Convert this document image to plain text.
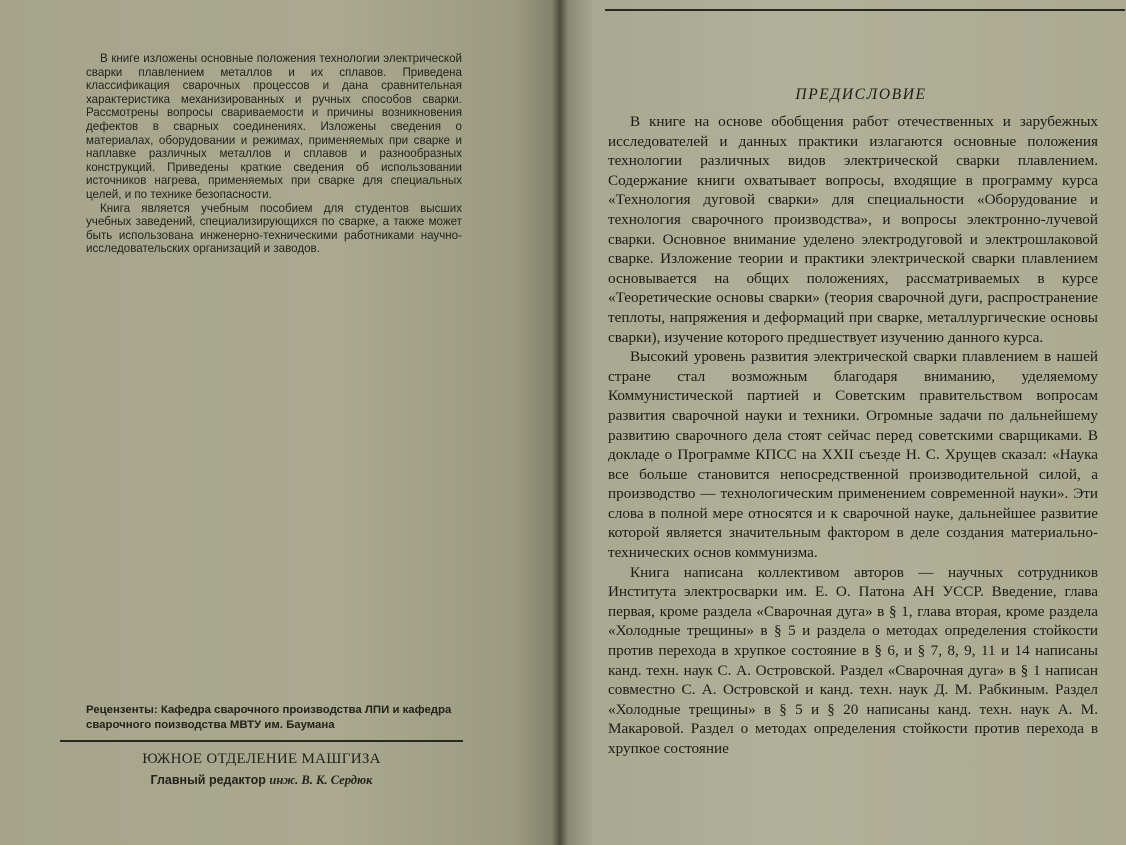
В книге изложены основные положения технологии электрической сварки плавлением металлов и их сплавов. Приведена классификация сварочных процессов и дана сравнительная характеристика механизированных и ручных способов сварки. Рассмотрены вопросы свариваемости и причины возникновения дефектов в сварных соединениях. Изложены сведения о материалах, оборудовании и режимах, применяемых при сварке и наплавке различных металлов и сплавов и разнообразных конструкций. Приведены краткие сведения об использовании источников нагрева, применяемых при сварке для специальных целей, и по технике безопасности.

Книга является учебным пособием для студентов высших учебных заведений, специализирующихся по сварке, а также может быть использована инженерно-техническими работниками научно-исследовательских организаций и заводов.

Рецензенты: Кафедра сварочного производства ЛПИ и кафедра сварочного поизводства МВТУ им. Баумана
ЮЖНОЕ ОТДЕЛЕНИЕ МАШГИЗА
Главный редактор инж. В. К. Сердюк
ПРЕДИСЛОВИЕ

В книге на основе обобщения работ отечественных и зарубежных исследователей и данных практики излагаются основные положения технологии различных видов электрической сварки плавлением. Содержание книги охватывает вопросы, входящие в программу курса «Технология дуговой сварки» для специальности «Оборудование и технология сварочного производства», и вопросы электронно-лучевой сварки. Основное внимание уделено электродуговой и электрошлаковой сварке. Изложение теории и практики электрической сварки плавлением основывается на общих положениях, рассматриваемых в курсе «Теоретические основы сварки» (теория сварочной дуги, распространение теплоты, напряжения и деформаций при сварке, металлургические основы сварки), изучение которого предшествует изучению данного курса.

Высокий уровень развития электрической сварки плавлением в нашей стране стал возможным благодаря вниманию, уделяемому Коммунистической партией и Советским правительством вопросам развития сварочной науки и техники. Огромные задачи по дальнейшему развитию сварочного дела стоят сейчас перед советскими сварщиками. В докладе о Программе КПСС на XXII съезде Н. С. Хрущев сказал: «Наука все больше становится непосредственной производительной силой, а производство — технологическим применением современной науки». Эти слова в полной мере относятся и к сварочной науке, дальнейшее развитие которой является значительным фактором в деле создания материально-технических основ коммунизма.

Книга написана коллективом авторов — научных сотрудников Института электросварки им. Е. О. Патона АН УССР. Введение, глава первая, кроме раздела «Сварочная дуга» в § 1, глава вторая, кроме раздела «Холодные трещины» в § 5 и раздела о методах определения стойкости против перехода в хрупкое состояние в § 6, и § 7, 8, 9, 11 и 14 написаны канд. техн. наук С. А. Островской. Раздел «Сварочная дуга» в § 1 написан совместно С. А. Островской и канд. техн. наук Д. М. Рабкиным. Раздел «Холодные трещины» в § 5 и § 20 написаны канд. техн. наук А. М. Макаровой. Раздел о методах определения стойкости против перехода в хрупкое состояние
